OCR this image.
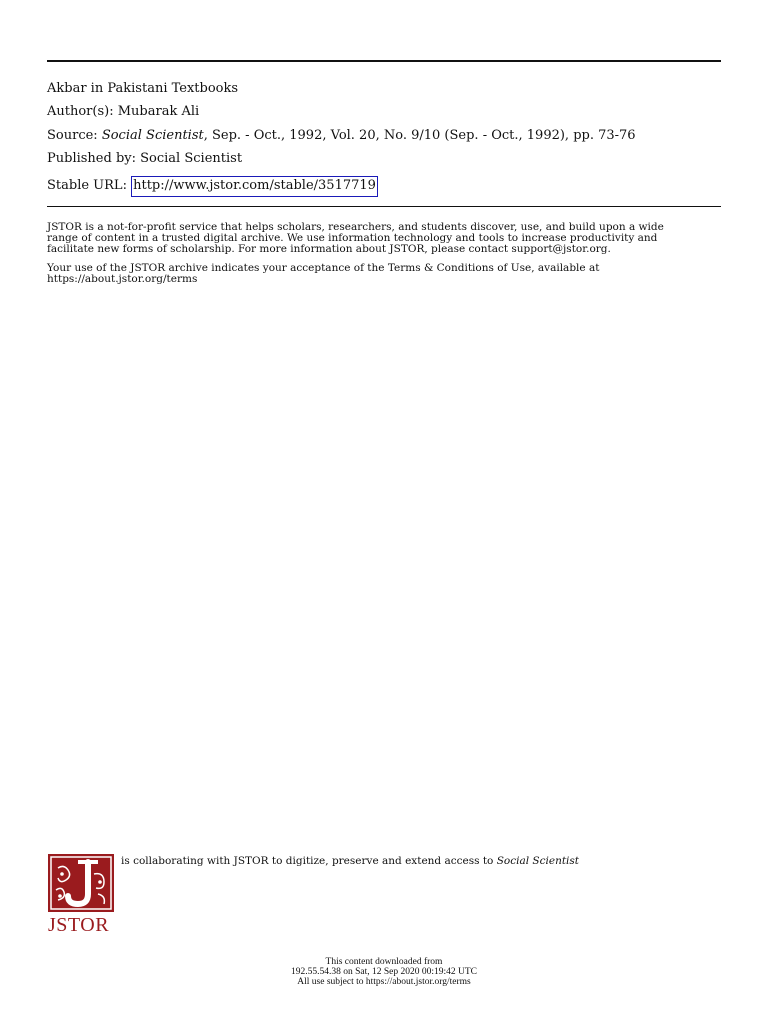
Akbar in Pakistani Textbooks
Author(s): Mubarak Ali
Source: Social Scientist, Sep. - Oct., 1992, Vol. 20, No. 9/10 (Sep. - Oct., 1992), pp. 73-76
Published by: Social Scientist
Stable URL: http://www.jstor.com/stable/3517719

JSTOR is a not-for-profit service that helps scholars, researchers, and students discover, use, and build upon a wide

range of content in a trusted digital archive. We use information technology and tools to increase productivity and

facilitate new forms of scholarship. For more information about JSTOR, please contact support@jstor.org.

Your use of the JSTOR archive indicates your acceptance of the Terms & Conditions of Use, available at

https://about.jstor.org/terms

JSTOR
is collaborating with JSTOR to digitize, preserve and extend access to Social Scientist
This content downloaded from
192.55.54.38 on Sat, 12 Sep 2020 00:19:42 UTC
All use subject to https://about.jstor.org/terms
